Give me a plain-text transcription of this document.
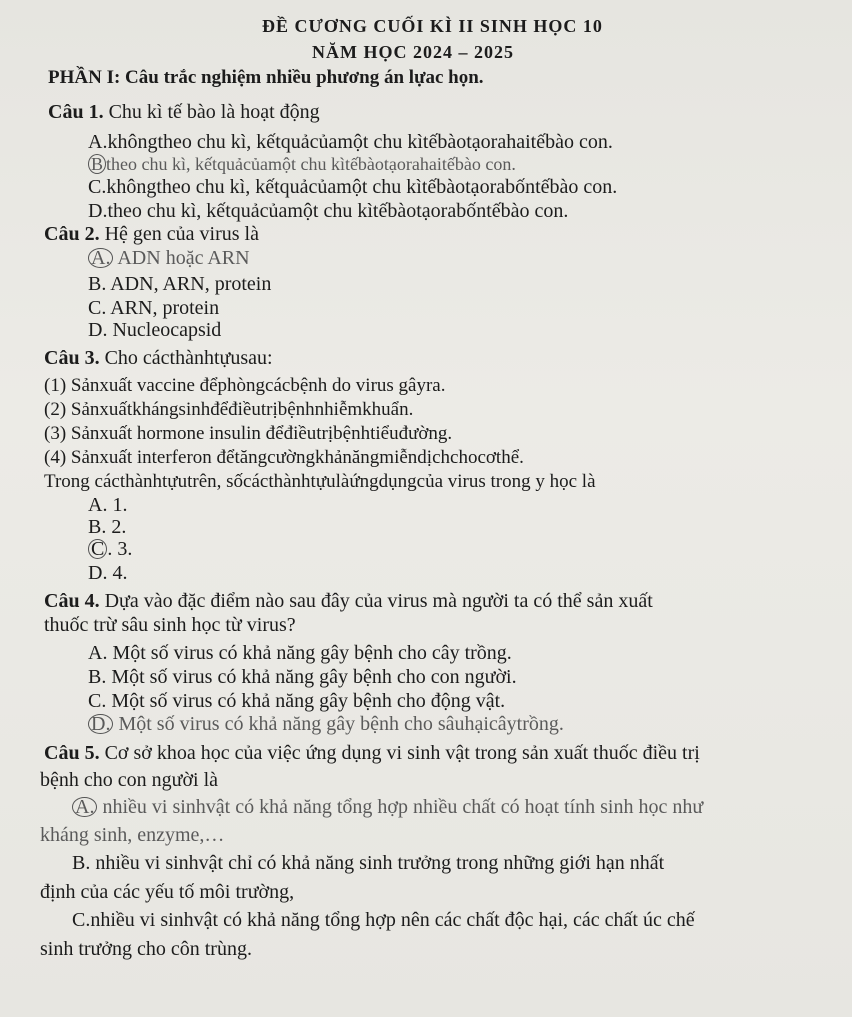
ĐỀ CƯƠNG CUỐI KÌ II SINH HỌC 10
NĂM HỌC 2024 – 2025
PHẦN I: Câu trắc nghiệm nhiều phương án lựac họn.
Câu 1. Chu kì tế bào là hoạt động
A.khôngtheo chu kì, kếtquảcủamột chu kìtếbàotạorahaitếbào con.
B theo chu kì, kếtquảcủamột chu kìtếbàotạorahaitếbào con.
C.khôngtheo chu kì, kếtquảcủamột chu kìtếbàotạorabốntếbào con.
D.theo chu kì, kếtquảcủamột chu kìtếbàotạorabốntếbào con.
Câu 2. Hệ gen của virus là
A. ADN hoặc ARN
B. ADN, ARN, protein
C. ARN, protein
D. Nucleocapsid
Câu 3. Cho cácthànhtựusau:
(1) Sảnxuất vaccine đểphòngcácbệnh do virus gâyra.
(2) Sảnxuấtkhángsinhđểđiềutrịbệnhnhiễmkhuẩn.
(3) Sảnxuất hormone insulin đểđiềutrịbệnhtiểuđường.
(4) Sảnxuất interferon đểtăngcườngkhảnăngmiễndịchchocơthể.
Trong cácthànhtựutrên, sốcácthànhtựulàứngdụngcủa virus trong y học là
A. 1.
B. 2.
C . 3.
D. 4.
Câu 4. Dựa vào đặc điểm nào sau đây của virus mà người ta có thể sản xuất
thuốc trừ sâu sinh học từ virus?
A. Một số virus có khả năng gây bệnh cho cây trồng.
B. Một số virus có khả năng gây bệnh cho con người.
C. Một số virus có khả năng gây bệnh cho động vật.
D. Một số virus có khả năng gây bệnh cho sâuhạicâytrồng.
Câu 5. Cơ sở khoa học của việc ứng dụng vi sinh vật trong sản xuất thuốc điều trị
bệnh cho con người là
A. nhiều vi sinhvật có khả năng tổng hợp nhiều chất có hoạt tính sinh học như
kháng sinh, enzyme,…
B. nhiều vi sinhvật chỉ có khả năng sinh trưởng trong những giới hạn nhất
định của các yếu tố môi trường,
C.nhiều vi sinhvật có khả năng tổng hợp nên các chất độc hại, các chất úc chế
sinh trưởng cho côn trùng.
